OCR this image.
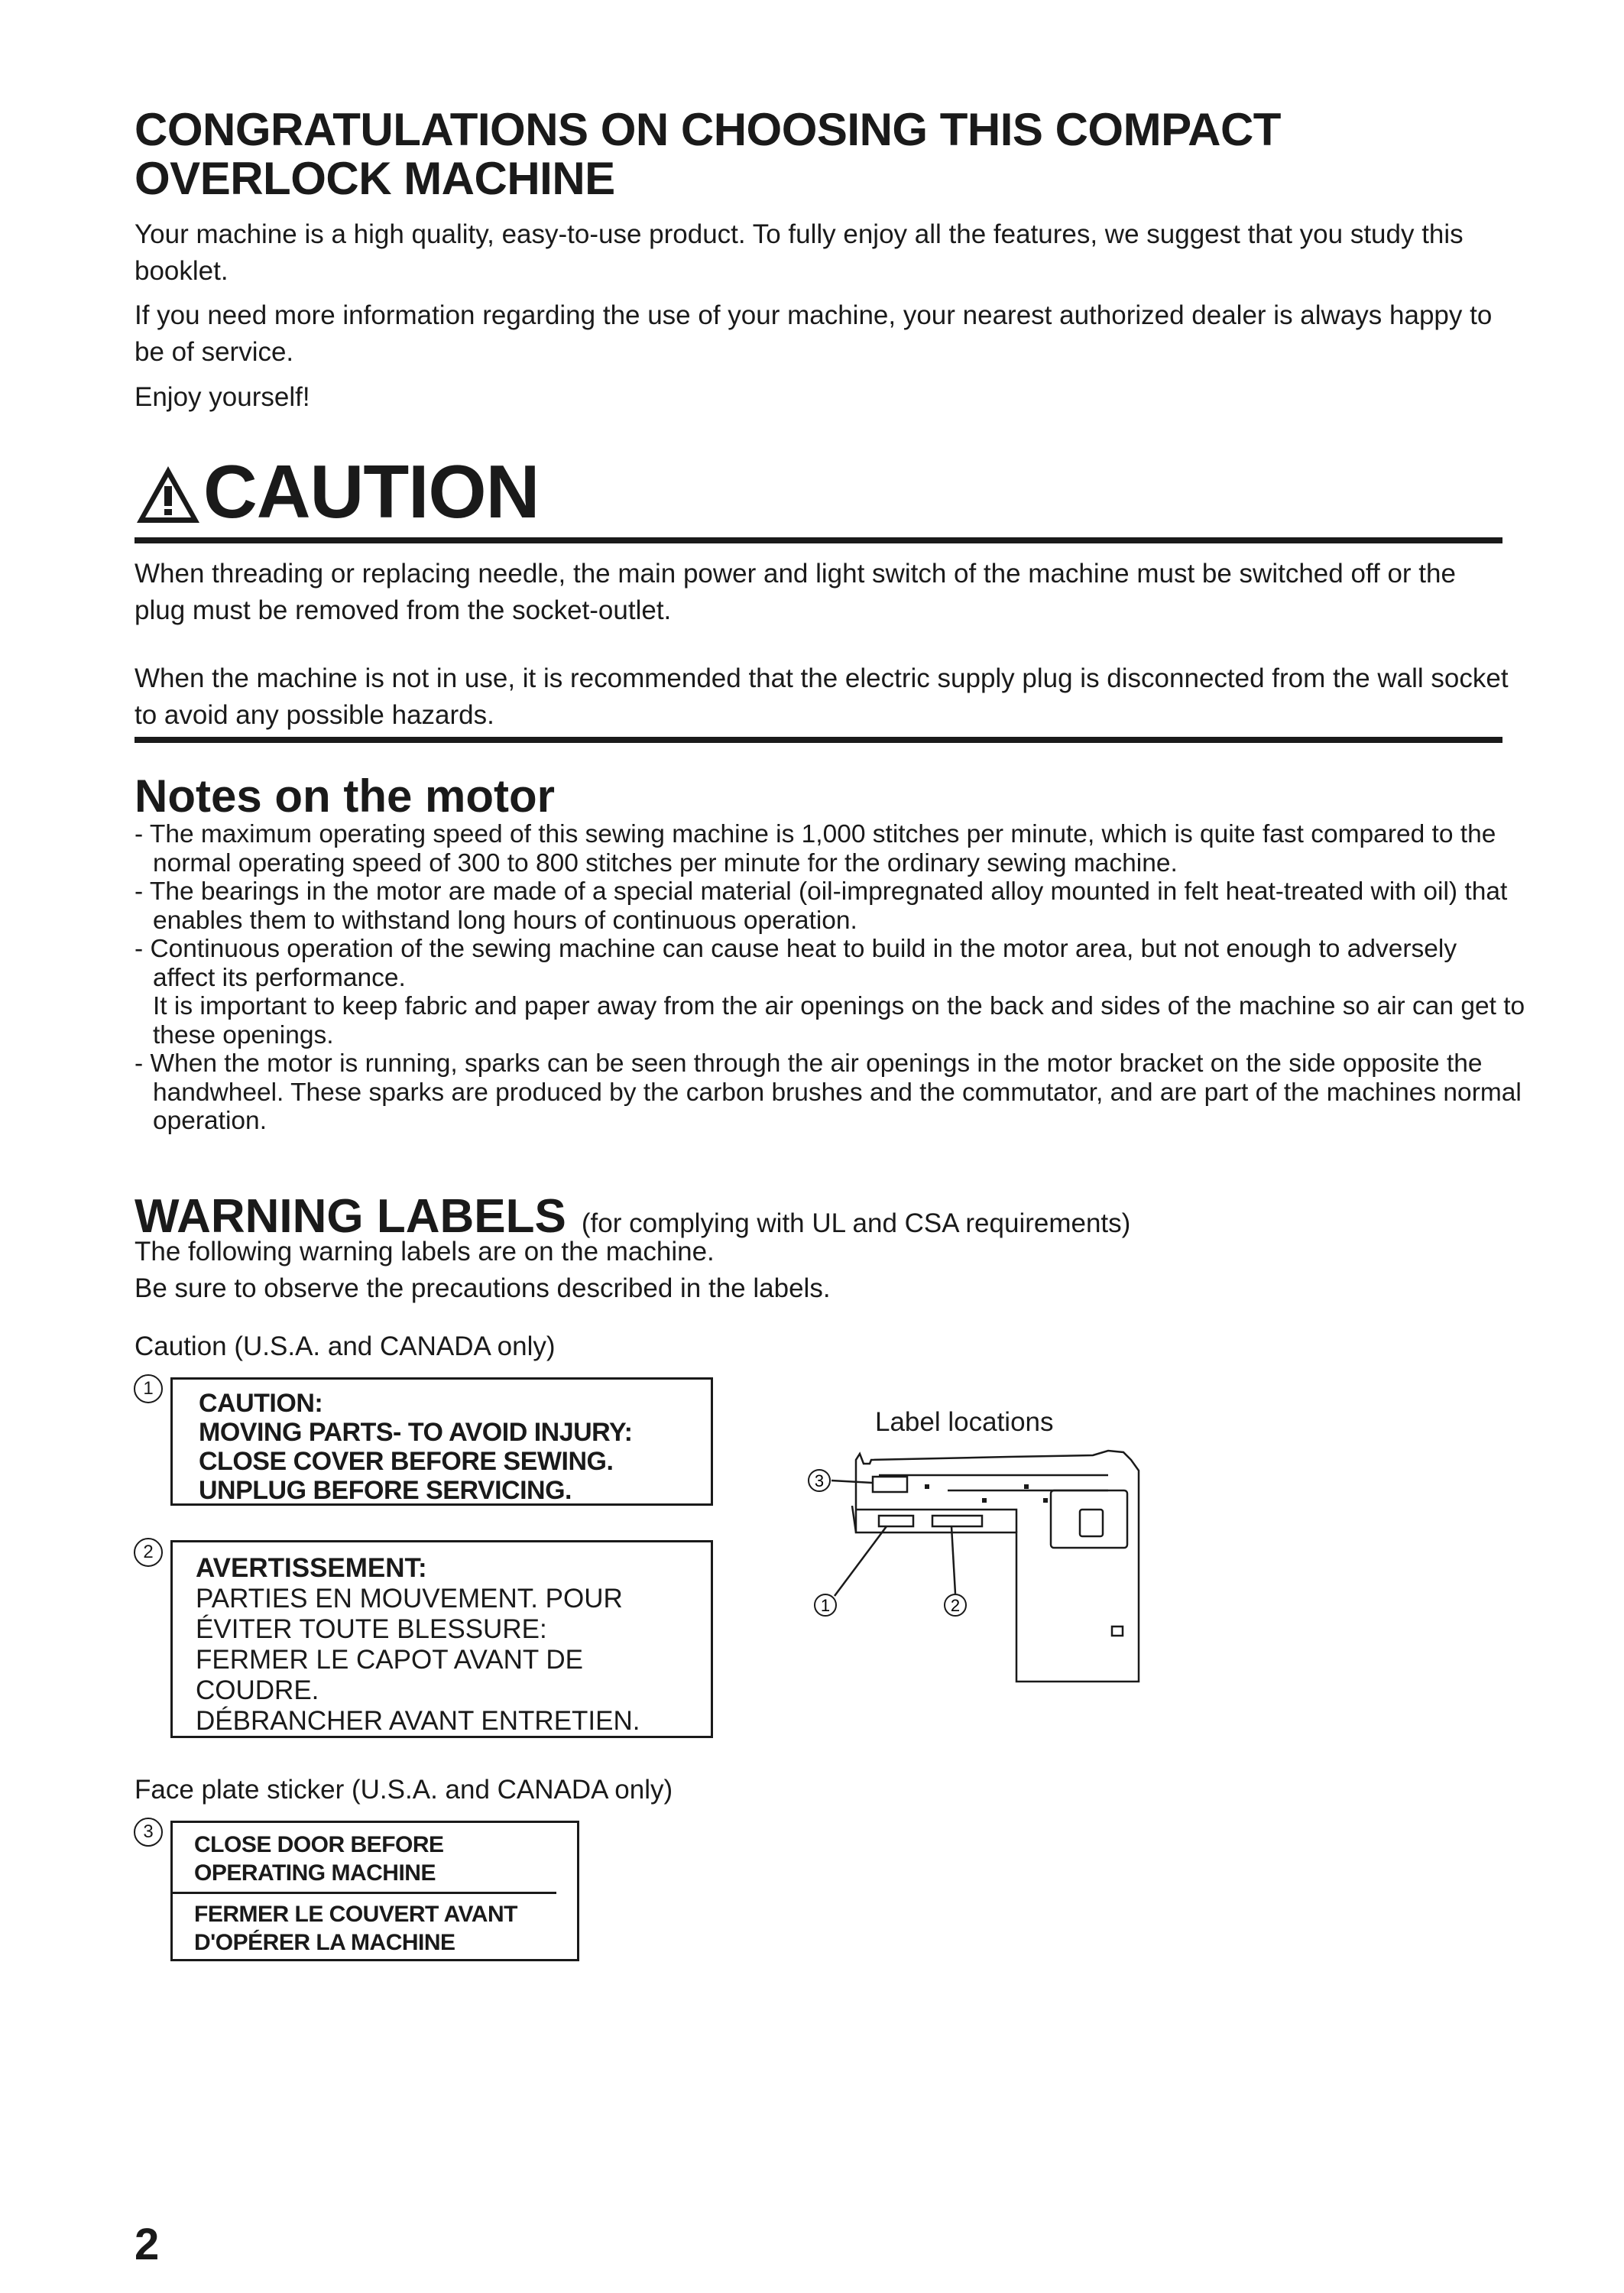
CONGRATULATIONS ON CHOOSING THIS COMPACT
OVERLOCK MACHINE

Your machine is a high quality, easy-to-use product. To fully enjoy all the features, we suggest that you study this booklet.

If you need more information regarding the use of your machine, your nearest authorized dealer is always happy to be of service.

Enjoy yourself!

CAUTION

When threading or replacing needle, the main power and light switch of the machine must be switched off or the plug must be removed from the socket-outlet.

When the machine is not in use, it is recommended that the electric supply plug is disconnected from the wall socket to avoid any possible hazards.

Notes on the motor
- The maximum operating speed of this sewing machine is 1,000 stitches per minute, which is quite fast compared to the normal operating speed of 300 to 800 stitches per minute for the ordinary sewing machine.
- The bearings in the motor are made of a special material (oil-impregnated alloy mounted in felt heat-treated with oil) that enables them to withstand long hours of continuous operation.
- Continuous operation of the sewing machine can cause heat to build in the motor area, but not enough to adversely affect its performance.
It is important to keep fabric and paper away from the air openings on the back and sides of the machine so air can get to these openings.
- When the motor is running, sparks can be seen through the air openings in the motor bracket on the side opposite the handwheel. These sparks are produced by the carbon brushes and the commutator, and are part of the machines normal operation.
WARNING LABELS (for complying with UL and CSA requirements)

The following warning labels are on the machine.

Be sure to observe the precautions described in the labels.

Caution (U.S.A. and CANADA only)

1
CAUTION:
MOVING PARTS- TO AVOID INJURY:
CLOSE COVER BEFORE SEWING.
UNPLUG BEFORE SERVICING.
2
AVERTISSEMENT:
PARTIES EN MOUVEMENT. POUR
ÉVITER TOUTE BLESSURE:
FERMER LE CAPOT AVANT DE
COUDRE.
DÉBRANCHER AVANT ENTRETIEN.

Face plate sticker (U.S.A. and CANADA only)

3
CLOSE DOOR BEFORE
OPERATING MACHINE
FERMER LE COUVERT AVANT
D'OPÉRER LA MACHINE

Label locations

3
1	2
2
